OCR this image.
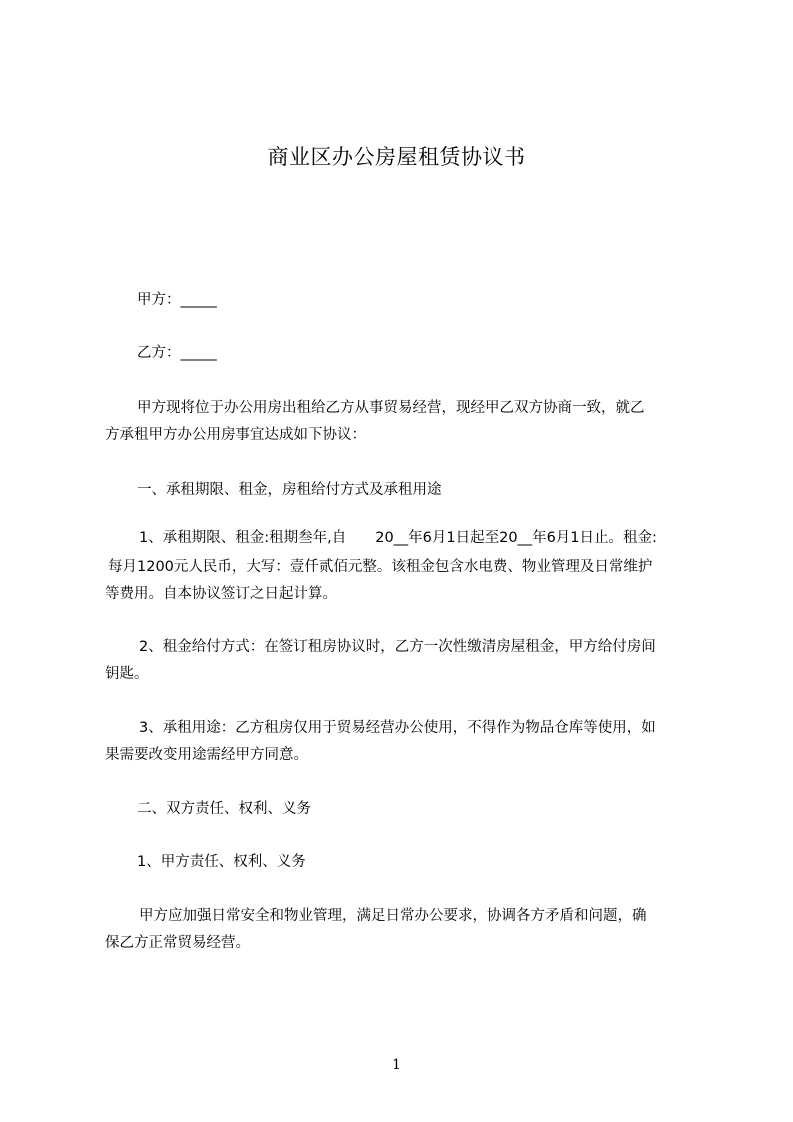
商业区办公房屋租赁协议书
甲方：_____
乙方：_____
甲方现将位于办公用房出租给乙方从事贸易经营，现经甲乙双方协商一致，就乙
方承租甲方办公用房事宜达成如下协议：
一、承租期限、租金，房租给付方式及承租用途
1、承租期限、租金:租期叁年,自　　20__年6月1日起至20__年6月1日止。租金:
每月1200元人民币，大写：壹仟贰佰元整。该租金包含水电费、物业管理及日常维护
等费用。自本协议签订之日起计算。
2、租金给付方式：在签订租房协议时，乙方一次性缴清房屋租金，甲方给付房间
钥匙。
3、承租用途：乙方租房仅用于贸易经营办公使用，不得作为物品仓库等使用，如
果需要改变用途需经甲方同意。
二、双方责任、权利、义务
1、甲方责任、权利、义务
甲方应加强日常安全和物业管理，满足日常办公要求，协调各方矛盾和问题，确
保乙方正常贸易经营。
1
